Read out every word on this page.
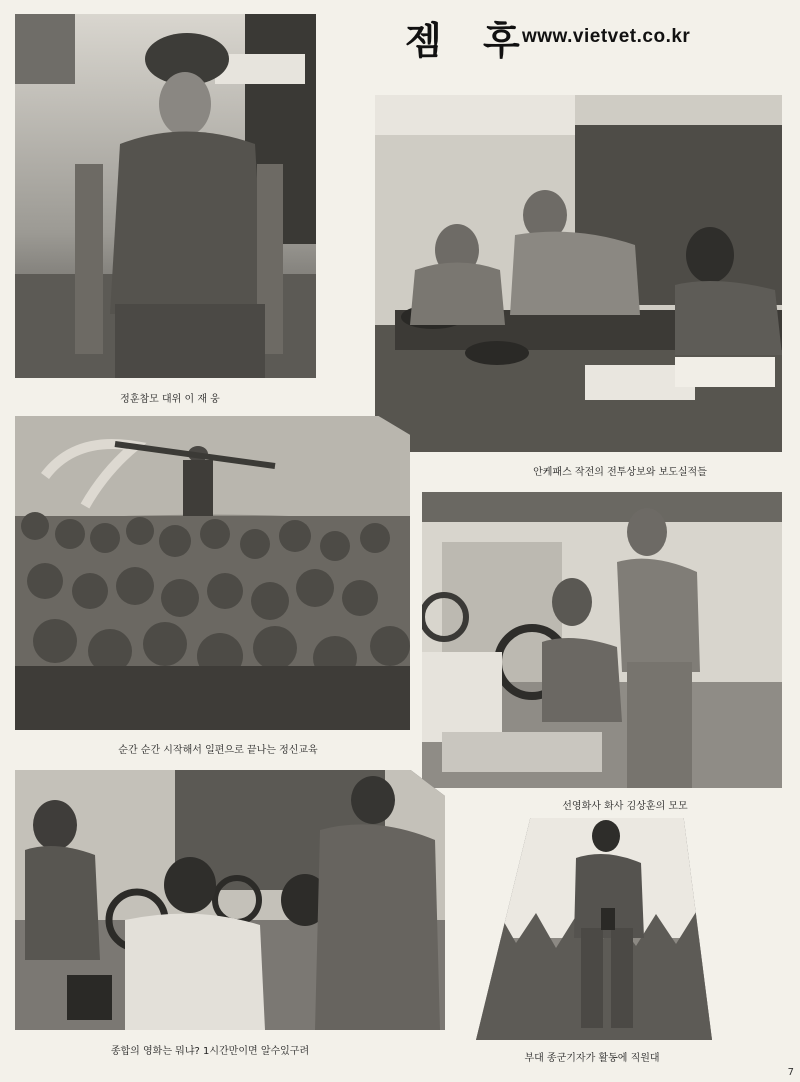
젬 후
www.vietvet.co.kr
정훈참모 대위 이 재 웅
안케패스 작전의 전투상보와 보도실적들
순간 순간 시작해서 일편으로 끝나는 정신교육
선영화사 화사 김상훈의 모모
종합의 영화는 뭐냐? 1시간만이면 알수있구려
부대 종군기자가 활동에 직원대
7
